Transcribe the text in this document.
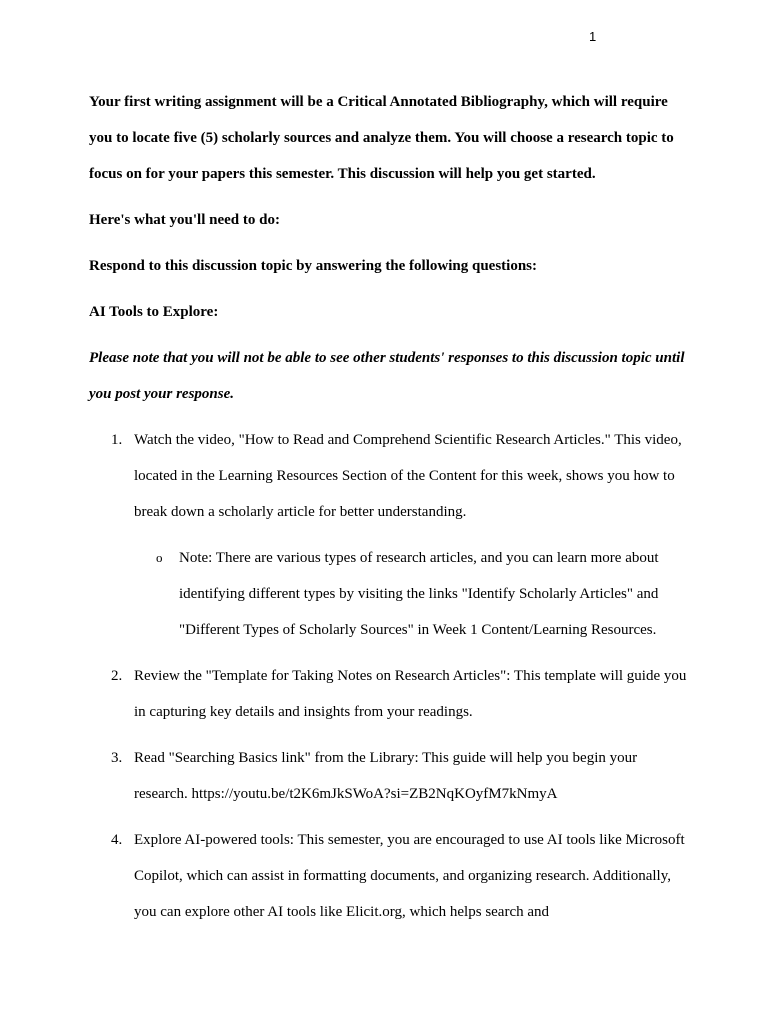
1

Your first writing assignment will be a Critical Annotated Bibliography, which will require you to locate five (5) scholarly sources and analyze them. You will choose a research topic to focus on for your papers this semester. This discussion will help you get started.

Here's what you'll need to do:

Respond to this discussion topic by answering the following questions:

AI Tools to Explore:

Please note that you will not be able to see other students' responses to this discussion topic until you post your response.

1. Watch the video, "How to Read and Comprehend Scientific Research Articles." This video, located in the Learning Resources Section of the Content for this week, shows you how to break down a scholarly article for better understanding.
o Note: There are various types of research articles, and you can learn more about identifying different types by visiting the links "Identify Scholarly Articles" and "Different Types of Scholarly Sources" in Week 1 Content/Learning Resources.
2. Review the "Template for Taking Notes on Research Articles": This template will guide you in capturing key details and insights from your readings.
3. Read "Searching Basics link" from the Library: This guide will help you begin your research. https://youtu.be/t2K6mJkSWoA?si=ZB2NqKOyfM7kNmyA
4. Explore AI-powered tools: This semester, you are encouraged to use AI tools like Microsoft Copilot, which can assist in formatting documents, and organizing research. Additionally, you can explore other AI tools like Elicit.org, which helps search and
